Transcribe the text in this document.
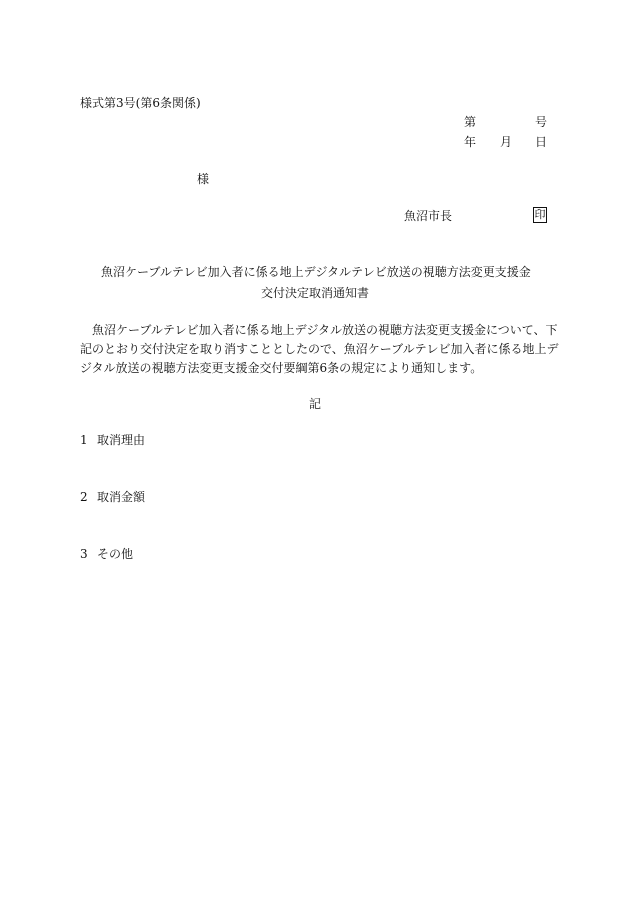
様式第3号(第6条関係)
第	号
年 月 日
様
魚沼市長	印
魚沼ケーブルテレビ加入者に係る地上デジタルテレビ放送の視聴方法変更支援金
交付決定取消通知書
　魚沼ケーブルテレビ加入者に係る地上デジタル放送の視聴方法変更支援金について、下
記のとおり交付決定を取り消すこととしたので、魚沼ケーブルテレビ加入者に係る地上デ
ジタル放送の視聴方法変更支援金交付要綱第6条の規定により通知します。
記
1 取消理由
2 取消金額
3 その他
